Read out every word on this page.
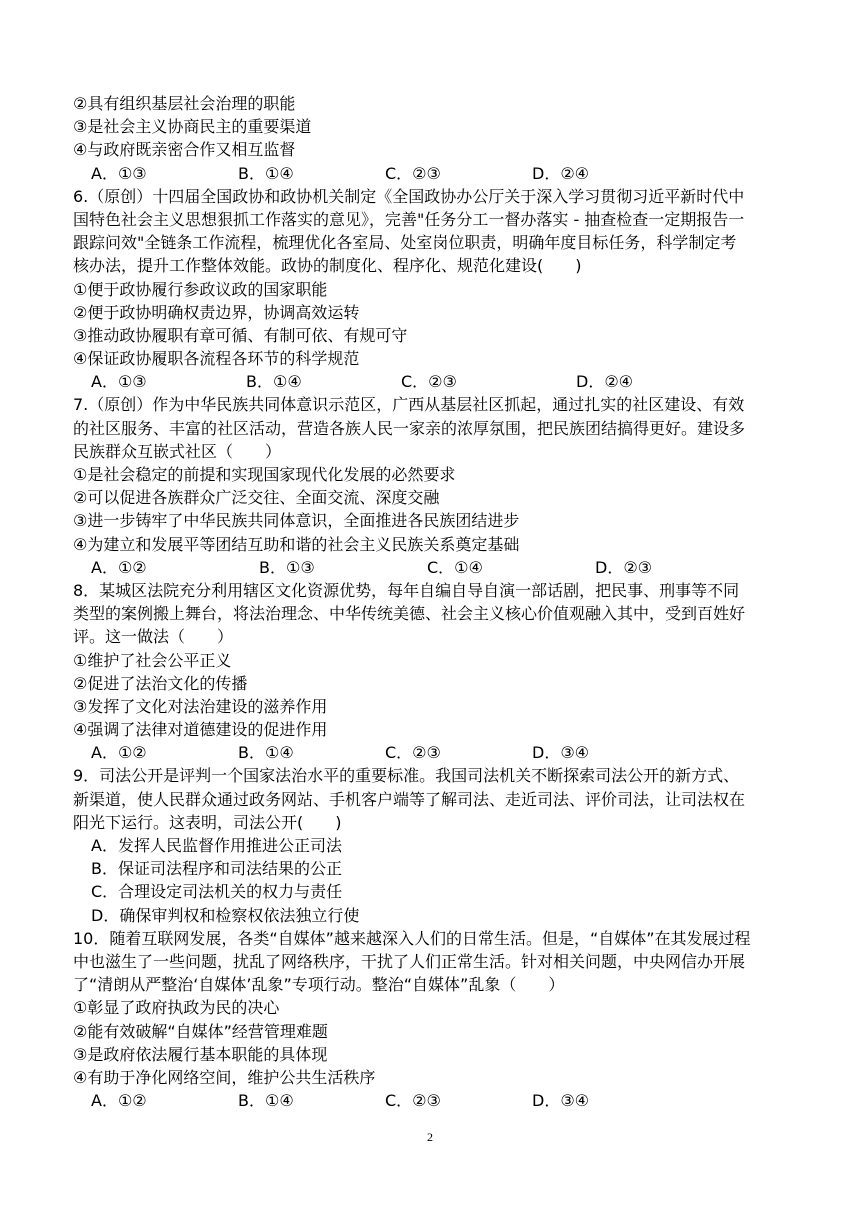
②具有组织基层社会治理的职能
③是社会主义协商民主的重要渠道
④与政府既亲密合作又相互监督
A．①③	B．①④	C．②③	D．②④
6.（原创）十四届全国政协和政协机关制定《全国政协办公厅关于深入学习贯彻习近平新时代中
国特色社会主义思想狠抓工作落实的意见》，完善"任务分工一督办落实 - 抽查检查一定期报告一
跟踪问效"全链条工作流程，梳理优化各室局、处室岗位职责，明确年度目标任务，科学制定考
核办法，提升工作整体效能。政协的制度化、程序化、规范化建设(　　)
①便于政协履行参政议政的国家职能
②便于政协明确权责边界，协调高效运转
③推动政协履职有章可循、有制可依、有规可守
④保证政协履职各流程各环节的科学规范
A．①③	B．①④	C．②③	D．②④
7.（原创）作为中华民族共同体意识示范区，广西从基层社区抓起，通过扎实的社区建设、有效
的社区服务、丰富的社区活动，营造各族人民一家亲的浓厚氛围，把民族团结搞得更好。建设多
民族群众互嵌式社区（　　）
①是社会稳定的前提和实现国家现代化发展的必然要求
②可以促进各族群众广泛交往、全面交流、深度交融
③进一步铸牢了中华民族共同体意识，全面推进各民族团结进步
④为建立和发展平等团结互助和谐的社会主义民族关系奠定基础
A．①②	B．①③	C．①④	D．②③
8．某城区法院充分利用辖区文化资源优势，每年自编自导自演一部话剧，把民事、刑事等不同
类型的案例搬上舞台，将法治理念、中华传统美德、社会主义核心价值观融入其中，受到百姓好
评。这一做法（　　）
①维护了社会公平正义
②促进了法治文化的传播
③发挥了文化对法治建设的滋养作用
④强调了法律对道德建设的促进作用
A．①②	B．①④	C．②③	D．③④
9．司法公开是评判一个国家法治水平的重要标准。我国司法机关不断探索司法公开的新方式、
新渠道，使人民群众通过政务网站、手机客户端等了解司法、走近司法、评价司法，让司法权在
阳光下运行。这表明，司法公开(　　)
A．发挥人民监督作用推进公正司法
B．保证司法程序和司法结果的公正
C．合理设定司法机关的权力与责任
D．确保审判权和检察权依法独立行使
10．随着互联网发展，各类“自媒体”越来越深入人们的日常生活。但是，“自媒体”在其发展过程
中也滋生了一些问题，扰乱了网络秩序，干扰了人们正常生活。针对相关问题，中央网信办开展
了“清朗从严整治‘自媒体’乱象”专项行动。整治“自媒体”乱象（　　）
①彰显了政府执政为民的决心
②能有效破解“自媒体”经营管理难题
③是政府依法履行基本职能的具体现
④有助于净化网络空间，维护公共生活秩序
A．①②	B．①④	C．②③	D．③④
2
